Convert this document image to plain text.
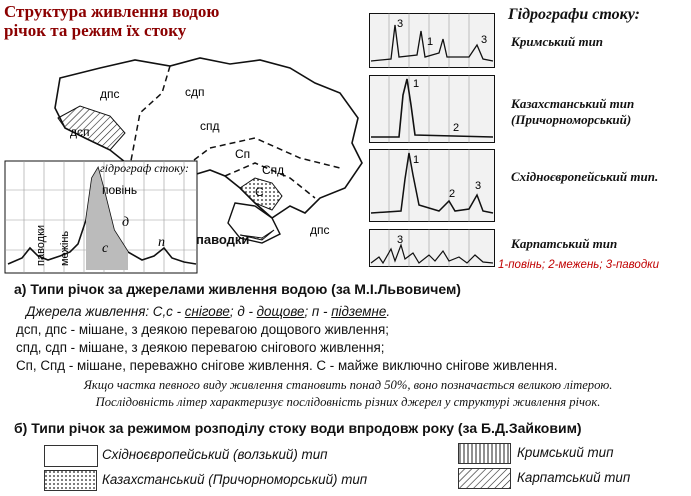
Структура живлення водою річок та режим їх стоку
дпс	сдп
спд
дсп
Сп
Спд
С
дпс
гідрограф стоку:
повінь
паводки межінь с
д
п паводки
Гідрографи стоку:
3
1	3 Кримський тип
1
2
Казахстанський тип (Причорноморський)
1
2
3
Східноєвропейський тип.
3	Карпатський тип
1-повінь; 2-межень; 3-паводки
а) Типи річок за джерелами живлення водою (за М.І.Львовичем)
Джерела живлення: С,с - снігове; д - дощове; п - підземне.
дсп, дпс - мішане, з деякою перевагою дощового живлення;
спд, сдп - мішане, з деякою перевагою снігового живлення;
Сп, Спд - мішане, переважно снігове живлення. С - майже виключно снігове живлення.
Якщо частка певного виду живлення становить понад 50%, воно позначається великою літерою.
Послідовність літер характеризує послідовність різних джерел у структурі живлення річок.
б) Типи річок за режимом розподілу стоку води впродовж року (за Б.Д.Зайковим)
Східноєвропейський (волзький) тип
Казахстанський (Причорноморський) тип
Кримський тип
Карпатський тип
